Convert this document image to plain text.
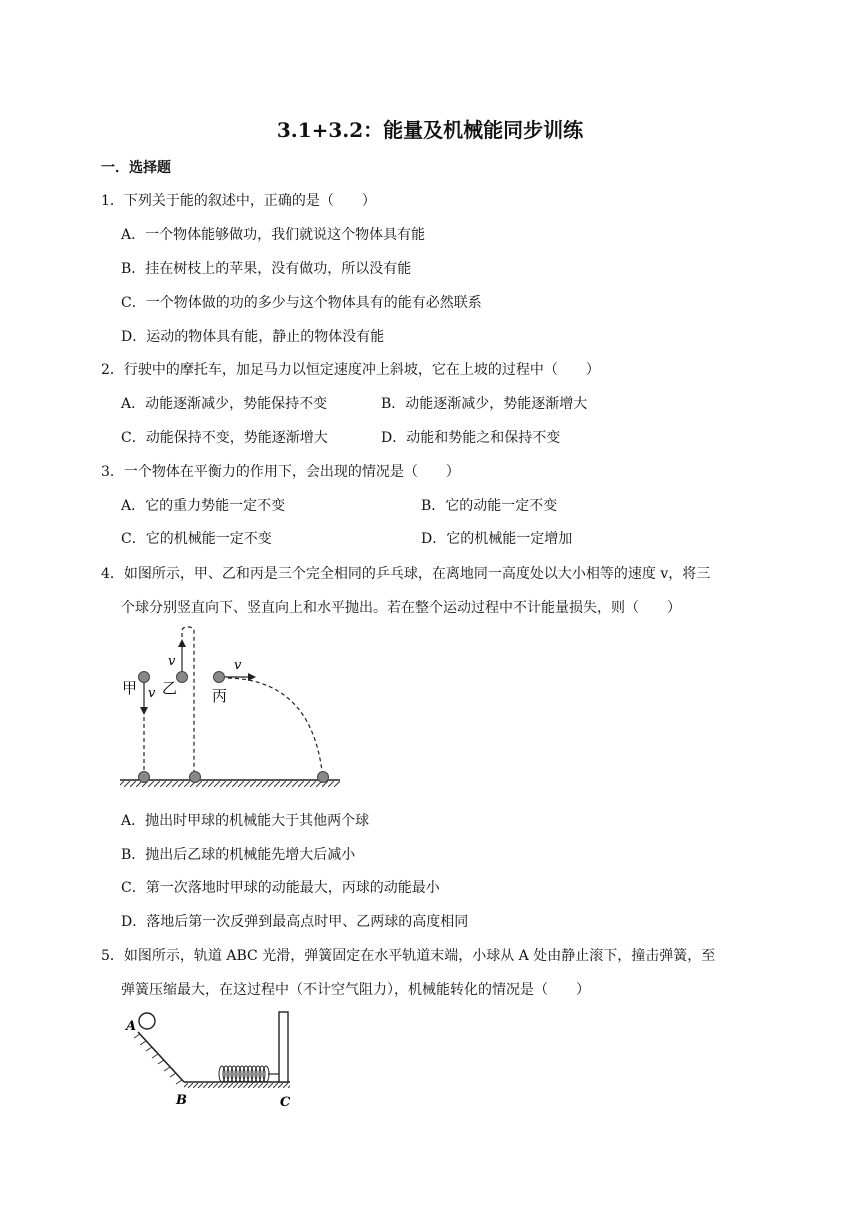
3.1+3.2：能量及机械能同步训练
一．选择题
1．下列关于能的叙述中，正确的是（　　）
A．一个物体能够做功，我们就说这个物体具有能
B．挂在树枝上的苹果，没有做功，所以没有能
C．一个物体做的功的多少与这个物体具有的能有必然联系
D．运动的物体具有能，静止的物体没有能
2．行驶中的摩托车，加足马力以恒定速度冲上斜坡，它在上坡的过程中（　　）
A．动能逐渐减少，势能保持不变	B．动能逐渐减少，势能逐渐增大
C．动能保持不变，势能逐渐增大	D．动能和势能之和保持不变
3．一个物体在平衡力的作用下，会出现的情况是（　　）
A．它的重力势能一定不变	B．它的动能一定不变
C．它的机械能一定不变	D．它的机械能一定增加
4．如图所示，甲、乙和丙是三个完全相同的乒乓球，在离地同一高度处以大小相等的速度 v，将三
个球分别竖直向下、竖直向上和水平抛出。若在整个运动过程中不计能量损失，则（　　）
甲 v 乙
v
丙
v
A．抛出时甲球的机械能大于其他两个球
B．抛出后乙球的机械能先增大后减小
C．第一次落地时甲球的动能最大，丙球的动能最小
D．落地后第一次反弹到最高点时甲、乙两球的高度相同
5．如图所示，轨道 ABC 光滑，弹簧固定在水平轨道末端，小球从 A 处由静止滚下，撞击弹簧，至
弹簧压缩最大，在这过程中（不计空气阻力），机械能转化的情况是（　　）
A
B	C
